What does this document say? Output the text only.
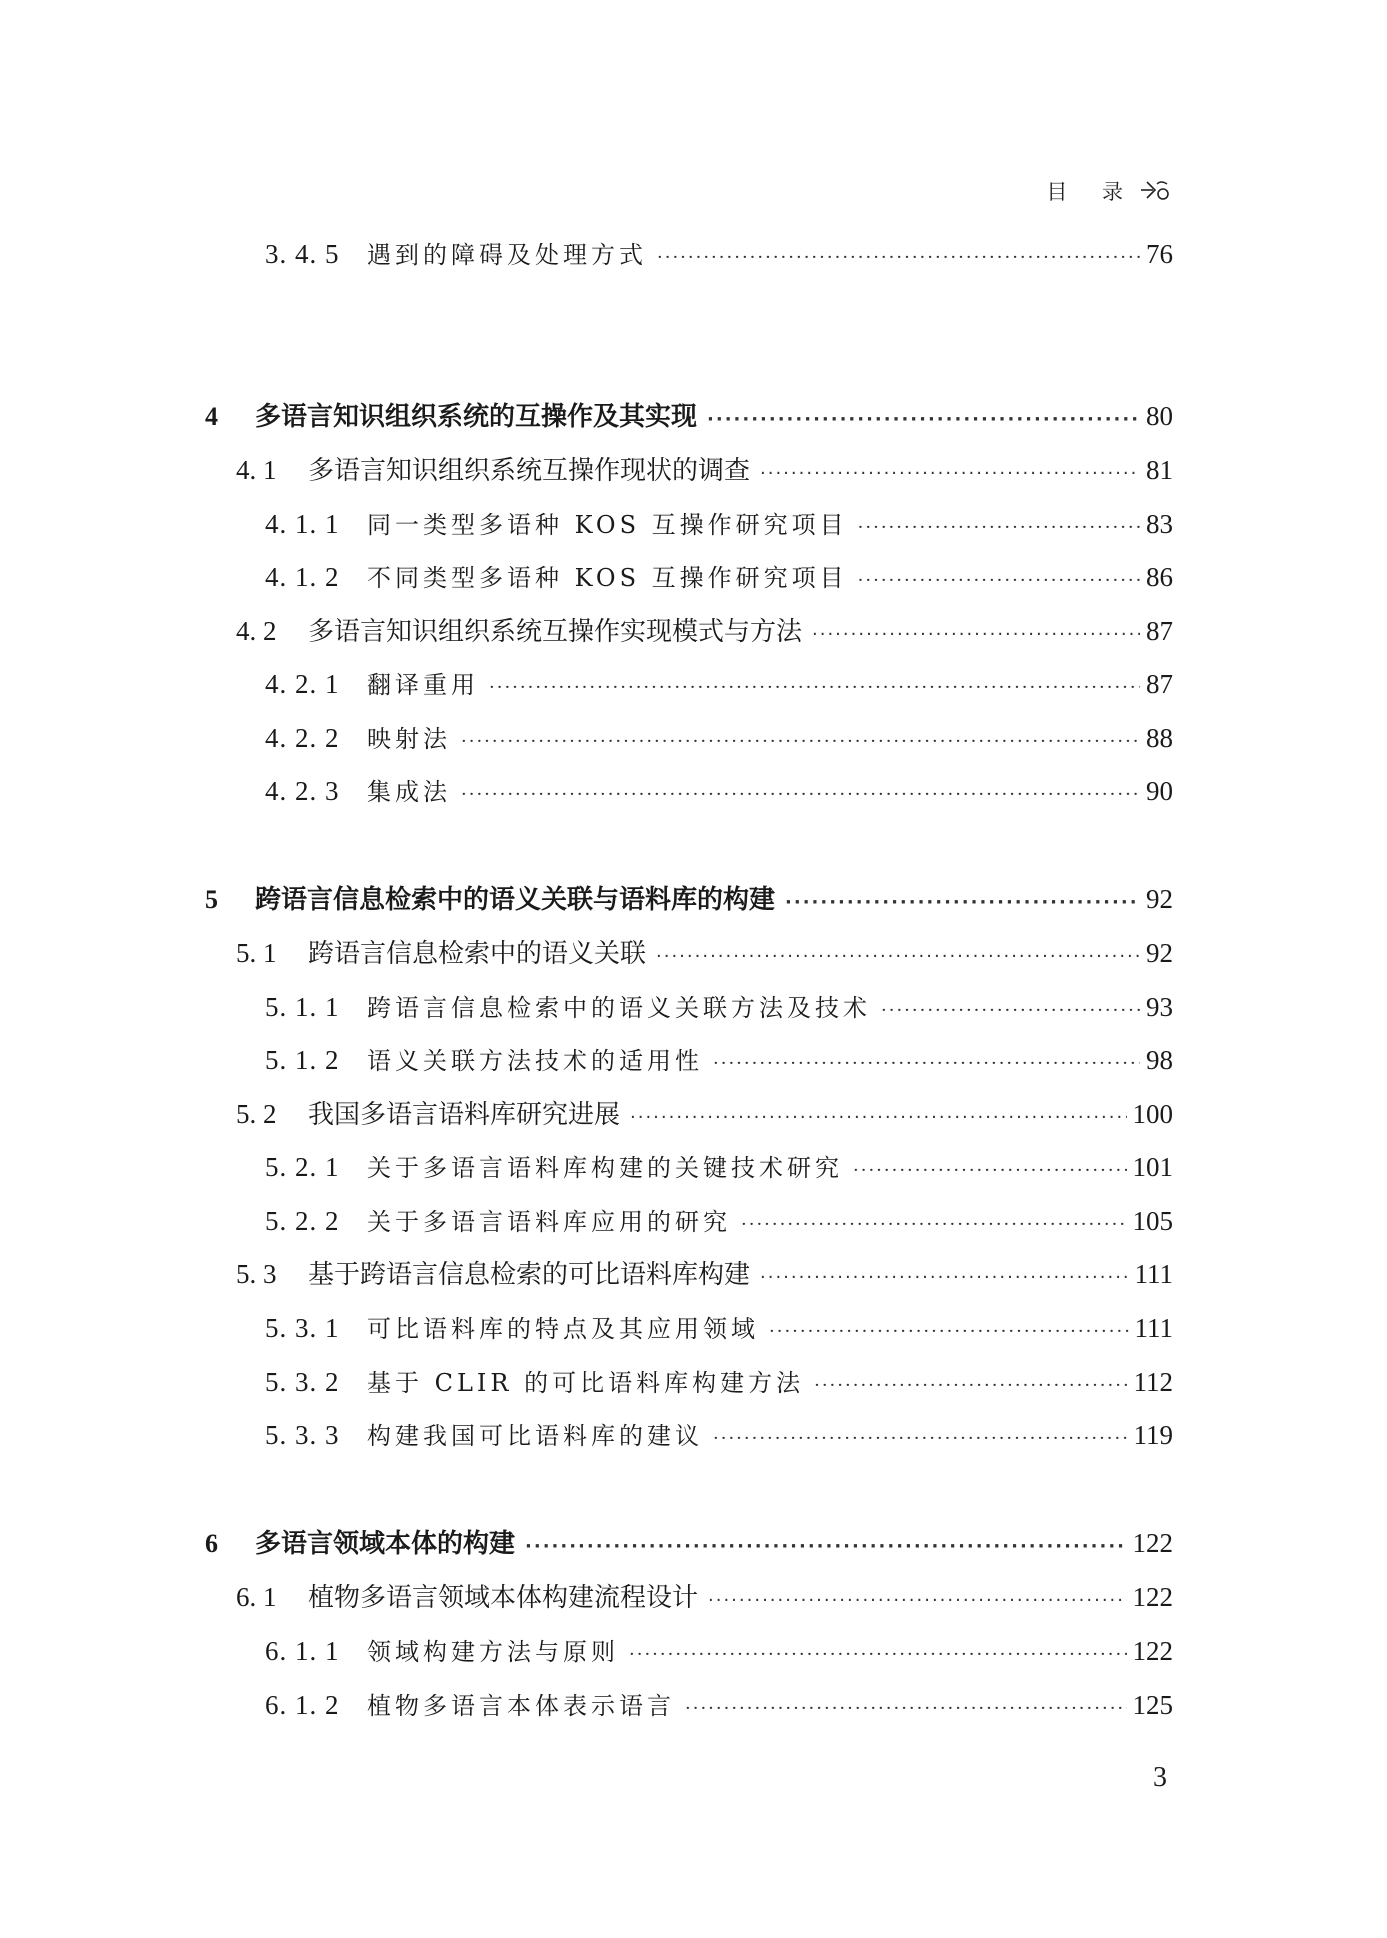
目 录
3. 4. 5	遇到的障碍及处理方式 ·····	76
4	多语言知识组织系统的互操作及其实现 ·····	80
4. 1	多语言知识组织系统互操作现状的调查 ·····	81
4. 1. 1	同一类型多语种 KOS 互操作研究项目 ·····	83
4. 1. 2	不同类型多语种 KOS 互操作研究项目 ·····	86
4. 2	多语言知识组织系统互操作实现模式与方法 ·····	87
4. 2. 1	翻译重用 ·····	87
4. 2. 2	映射法 ·····	88
4. 2. 3	集成法 ·····	90
5	跨语言信息检索中的语义关联与语料库的构建 ·····	92
5. 1	跨语言信息检索中的语义关联 ·····	92
5. 1. 1	跨语言信息检索中的语义关联方法及技术 ·····	93
5. 1. 2	语义关联方法技术的适用性 ·····	98
5. 2	我国多语言语料库研究进展 ·····	100
5. 2. 1	关于多语言语料库构建的关键技术研究 ·····	101
5. 2. 2	关于多语言语料库应用的研究 ·····	105
5. 3	基于跨语言信息检索的可比语料库构建 ·····	111
5. 3. 1	可比语料库的特点及其应用领域 ·····	111
5. 3. 2	基于 CLIR 的可比语料库构建方法 ·····	112
5. 3. 3	构建我国可比语料库的建议 ·····	119
6	多语言领域本体的构建 ·····	122
6. 1	植物多语言领域本体构建流程设计 ·····	122
6. 1. 1	领域构建方法与原则 ·····	122
6. 1. 2	植物多语言本体表示语言 ·····	125
3
